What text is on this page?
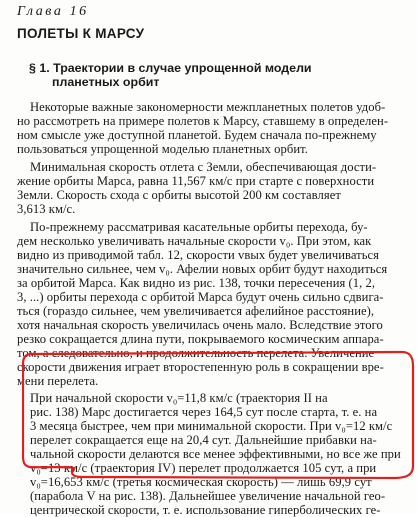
Глава 16
ПОЛЕТЫ К МАРСУ
§ 1. Траектории в случае упрощенной модели
планетных орбит
Некоторые важные закономерности межпланетных полетов удоб-
но рассмотреть на примере полетов к Марсу, ставшему в определен-
ном смысле уже доступной планетой. Будем сначала по-прежнему
пользоваться упрощенной моделью планетных орбит.
Минимальная скорость отлета с Земли, обеспечивающая дости-
жение орбиты Марса, равна 11,567 км/с при старте с поверхности
Земли. Скорость схода с орбиты высотой 200 км составляет
3,613 км/с.
По-прежнему рассматривая касательные орбиты перехода, бу-
дем несколько увеличивать начальные скорости v₀. При этом, как
видно из приводимой табл. 12, скорости vвых будет увеличиваться
значительно сильнее, чем v₀. Афелии новых орбит будут находиться
за орбитой Марса. Как видно из рис. 138, точки пересечения (1, 2,
3, ...) орбиты перехода с орбитой Марса будут очень сильно сдвига-
ться (гораздо сильнее, чем увеличивается афелийное расстояние),
хотя начальная скорость увеличилась очень мало. Вследствие этого
резко сокращается длина пути, покрываемого космическим аппара-
том, а следовательно, и продолжительность перелета. Увеличение
скорости движения играет второстепенную роль в сокращении вре-
мени перелета.
При начальной скорости v₀=11,8 км/с (траектория II на
рис. 138) Марс достигается через 164,5 сут после старта, т. е. на
3 месяца быстрее, чем при минимальной скорости. При v₀=12 км/с
перелет сокращается еще на 20,4 сут. Дальнейшие прибавки на-
чальной скорости делаются все менее эффективными, но все же при
v₀=13 км/с (траектория IV) перелет продолжается 105 сут, а при
v₀=16,653 км/с (третья космическая скорость) — лишь 69,9 сут
(парабола V на рис. 138). Дальнейшее увеличение начальной гео-
центрической скорости, т. е. использование гиперболических ге-
